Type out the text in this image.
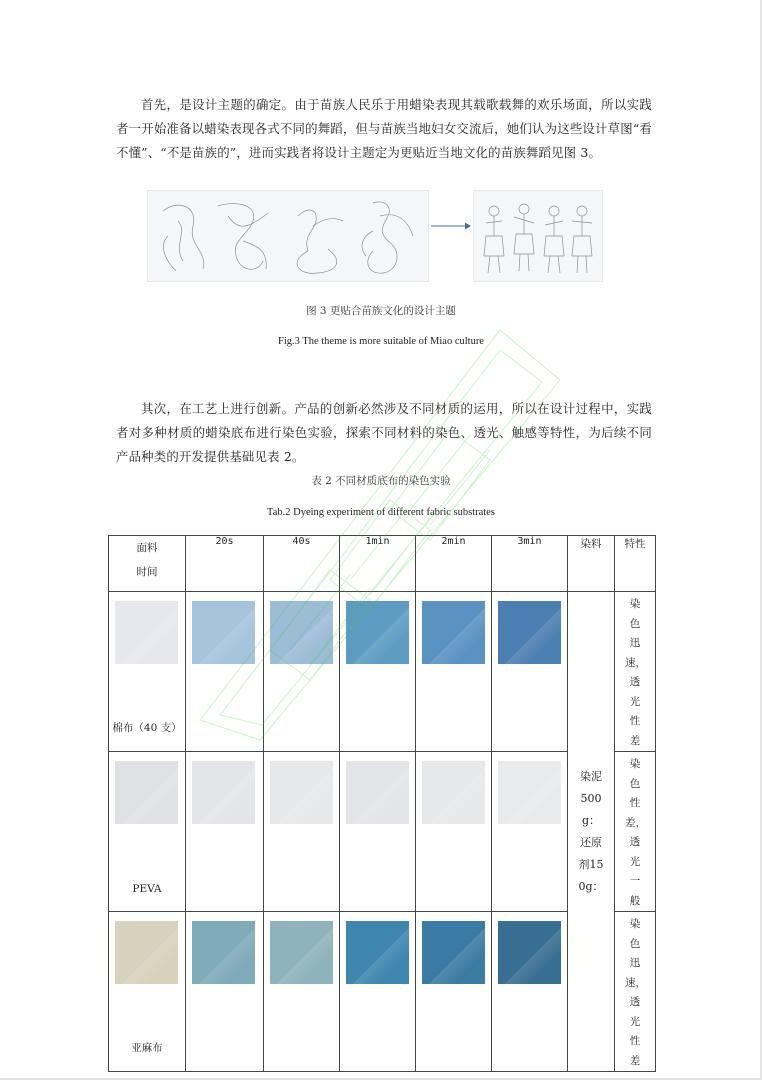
首先，是设计主题的确定。由于苗族人民乐于用蜡染表现其载歌载舞的欢乐场面，所以实践者一开始准备以蜡染表现各式不同的舞蹈，但与苗族当地妇女交流后，她们认为这些设计草图“看不懂”、“不是苗族的”，进而实践者将设计主题定为更贴近当地文化的苗族舞蹈见图 3。

图 3 更贴合苗族文化的设计主题
Fig.3 The theme is more suitable of Miao culture

其次，在工艺上进行创新。产品的创新必然涉及不同材质的运用，所以在设计过程中，实践者对多种材质的蜡染底布进行染色实验，探索不同材料的染色、透光、触感等特性，为后续不同产品种类的开发提供基础见表 2。

表 2 不同材质底布的染色实验
Tab.2 Dyeing experiment of different fabric substrates
面料
时间	20s	40s	1min	2min	3min	染料	特性

棉布（40 支）						染泥500g：还原剂150g：	染色迅速，透光性差

PEVA							染色性差，透光一般

亚麻布							染色迅速，透光性差
